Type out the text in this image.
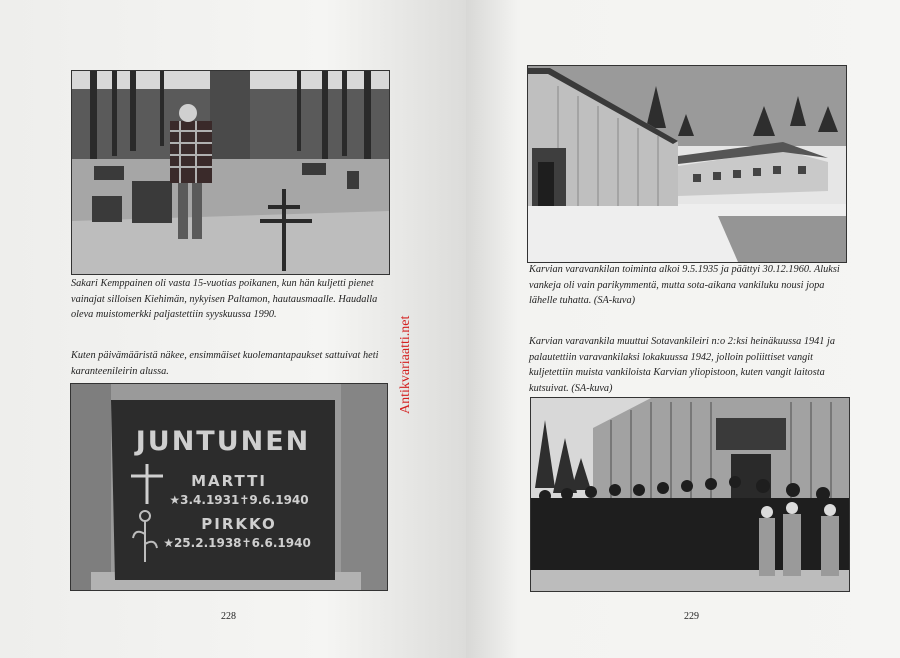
Sakari Kemppainen oli vasta 15-vuotias poikanen, kun hän kuljetti pienet vainajat silloisen Kiehimän, nykyisen Paltamon, hautausmaalle. Haudalla oleva muistomerkki paljastettiin syyskuussa 1990.

Kuten päivämääristä näkee, ensimmäiset kuolemantapaukset sattuivat heti karanteenileirin alussa.

JUNTUNEN
MARTTI
★3.4.1931✝9.6.1940
PIRKKO
★25.2.1938✝6.6.1940
228
Antikvariaatti.net

Karvian varavankilan toiminta alkoi 9.5.1935 ja päättyi 30.12.1960. Aluksi vankeja oli vain parikymmentä, mutta sota-aikana vankiluku nousi jopa lähelle tuhatta. (SA-kuva)

Karvian varavankila muuttui Sotavankileiri n:o 2:ksi heinäkuussa 1941 ja palautettiin varavankilaksi lokakuussa 1942, jolloin poliittiset vangit kuljetettiin muista vankiloista Karvian yliopistoon, kuten vangit laitosta kutsuivat. (SA-kuva)

229
